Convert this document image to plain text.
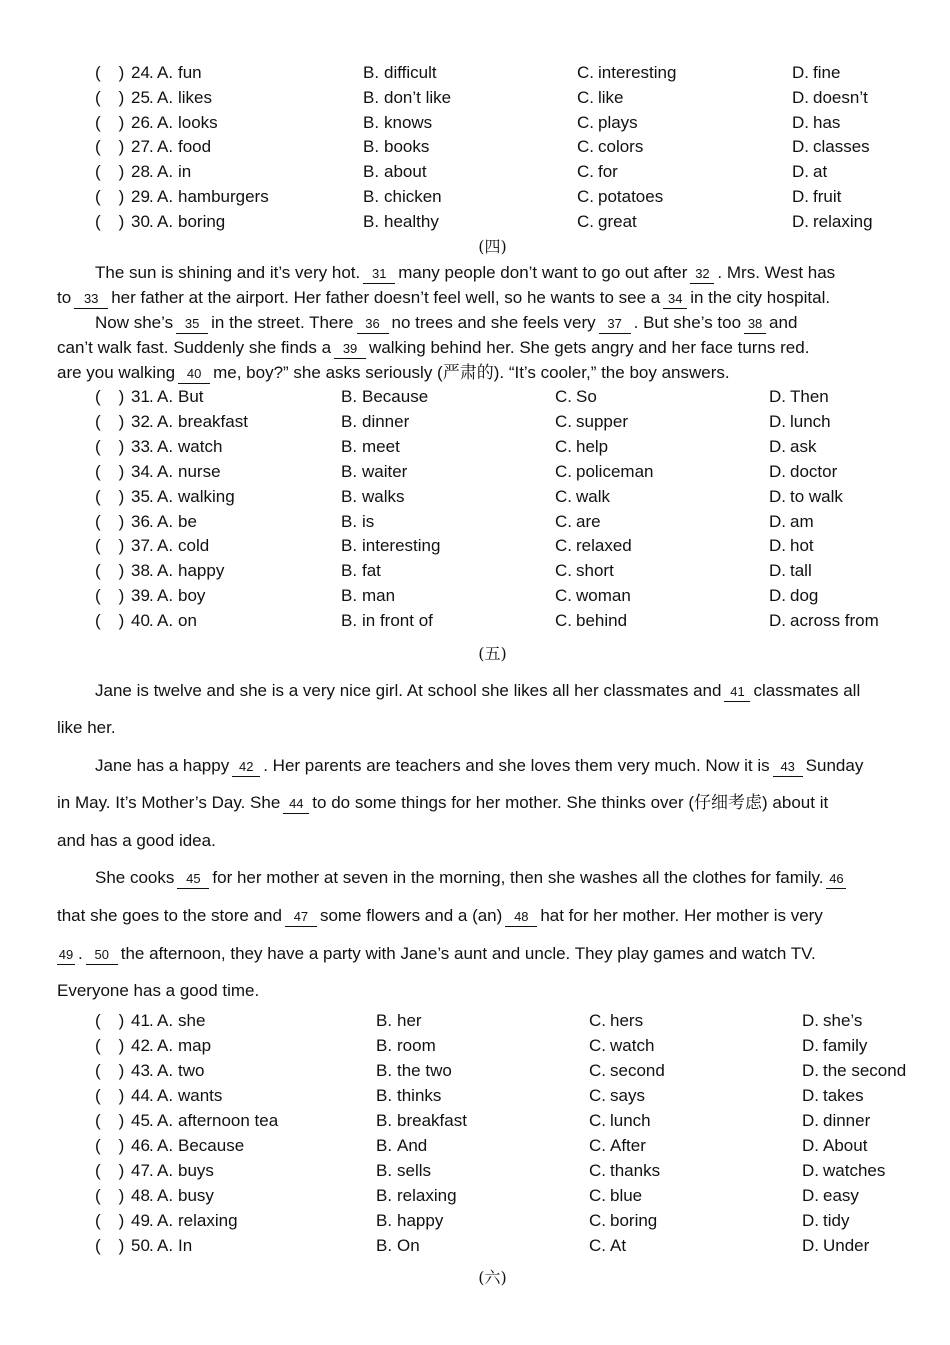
( ) 24 . A. fun	B. difficult	C. interesting	D. fine
( ) 25 . A. likes	B. don’t like	C. like	D. doesn’t
( ) 26 . A. looks	B. knows	C. plays	D. has
( ) 27 . A. food	B. books	C. colors	D. classes
( ) 28 . A. in	B. about	C. for	D. at
( ) 29 . A. hamburgers	B. chicken	C. potatoes	D. fruit
( ) 30 . A. boring	B. healthy	C. great	D. relaxing
(四)
The sun is shining and it’s very hot. 31 many people don’t want to go out after 32 . Mrs. West has
to 33 her father at the airport. Her father doesn’t feel well, so he wants to see a 34 in the city hospital.
Now she’s 35 in the street. There 36 no trees and she feels very 37 . But she’s too 38 and
can’t walk fast. Suddenly she finds a 39 walking behind her. She gets angry and her face turns red.
are you walking 40 me, boy?” she asks seriously (严肃的). “It’s cooler,” the boy answers.
( ) 31 . A. But	B. Because	C. So	D. Then
( ) 32 . A. breakfast	B. dinner	C. supper	D. lunch
( ) 33 . A. watch	B. meet	C. help	D. ask
( ) 34 . A. nurse	B. waiter	C. policeman	D. doctor
( ) 35 . A. walking	B. walks	C. walk	D. to walk
( ) 36 . A. be	B. is	C. are	D. am
( ) 37 . A. cold	B. interesting	C. relaxed	D. hot
( ) 38 . A. happy	B. fat	C. short	D. tall
( ) 39 . A. boy	B. man	C. woman	D. dog
( ) 40 . A. on	B. in front of	C. behind	D. across from
(五)
Jane is twelve and she is a very nice girl. At school she likes all her classmates and 41 classmates all
like her.
Jane has a happy 42 . Her parents are teachers and she loves them very much. Now it is 43 Sunday
in May. It’s Mother’s Day. She 44 to do some things for her mother. She thinks over (仔细考虑) about it
and has a good idea.
She cooks 45 for her mother at seven in the morning, then she washes all the clothes for family. 46
that she goes to the store and 47 some flowers and a (an) 48 hat for her mother. Her mother is very
49 . 50 the afternoon, they have a party with Jane’s aunt and uncle. They play games and watch TV.
Everyone has a good time.
( ) 41 . A. she	B. her	C. hers	D. she’s
( ) 42 . A. map	B. room	C. watch	D. family
( ) 43 . A. two	B. the two	C. second	D. the second
( ) 44 . A. wants	B. thinks	C. says	D. takes
( ) 45 . A. afternoon tea	B. breakfast	C. lunch	D. dinner
( ) 46 . A. Because	B. And	C. After	D. About
( ) 47 . A. buys	B. sells	C. thanks	D. watches
( ) 48 . A. busy	B. relaxing	C. blue	D. easy
( ) 49 . A. relaxing	B. happy	C. boring	D. tidy
( ) 50 . A. In	B. On	C. At	D. Under
(六)
